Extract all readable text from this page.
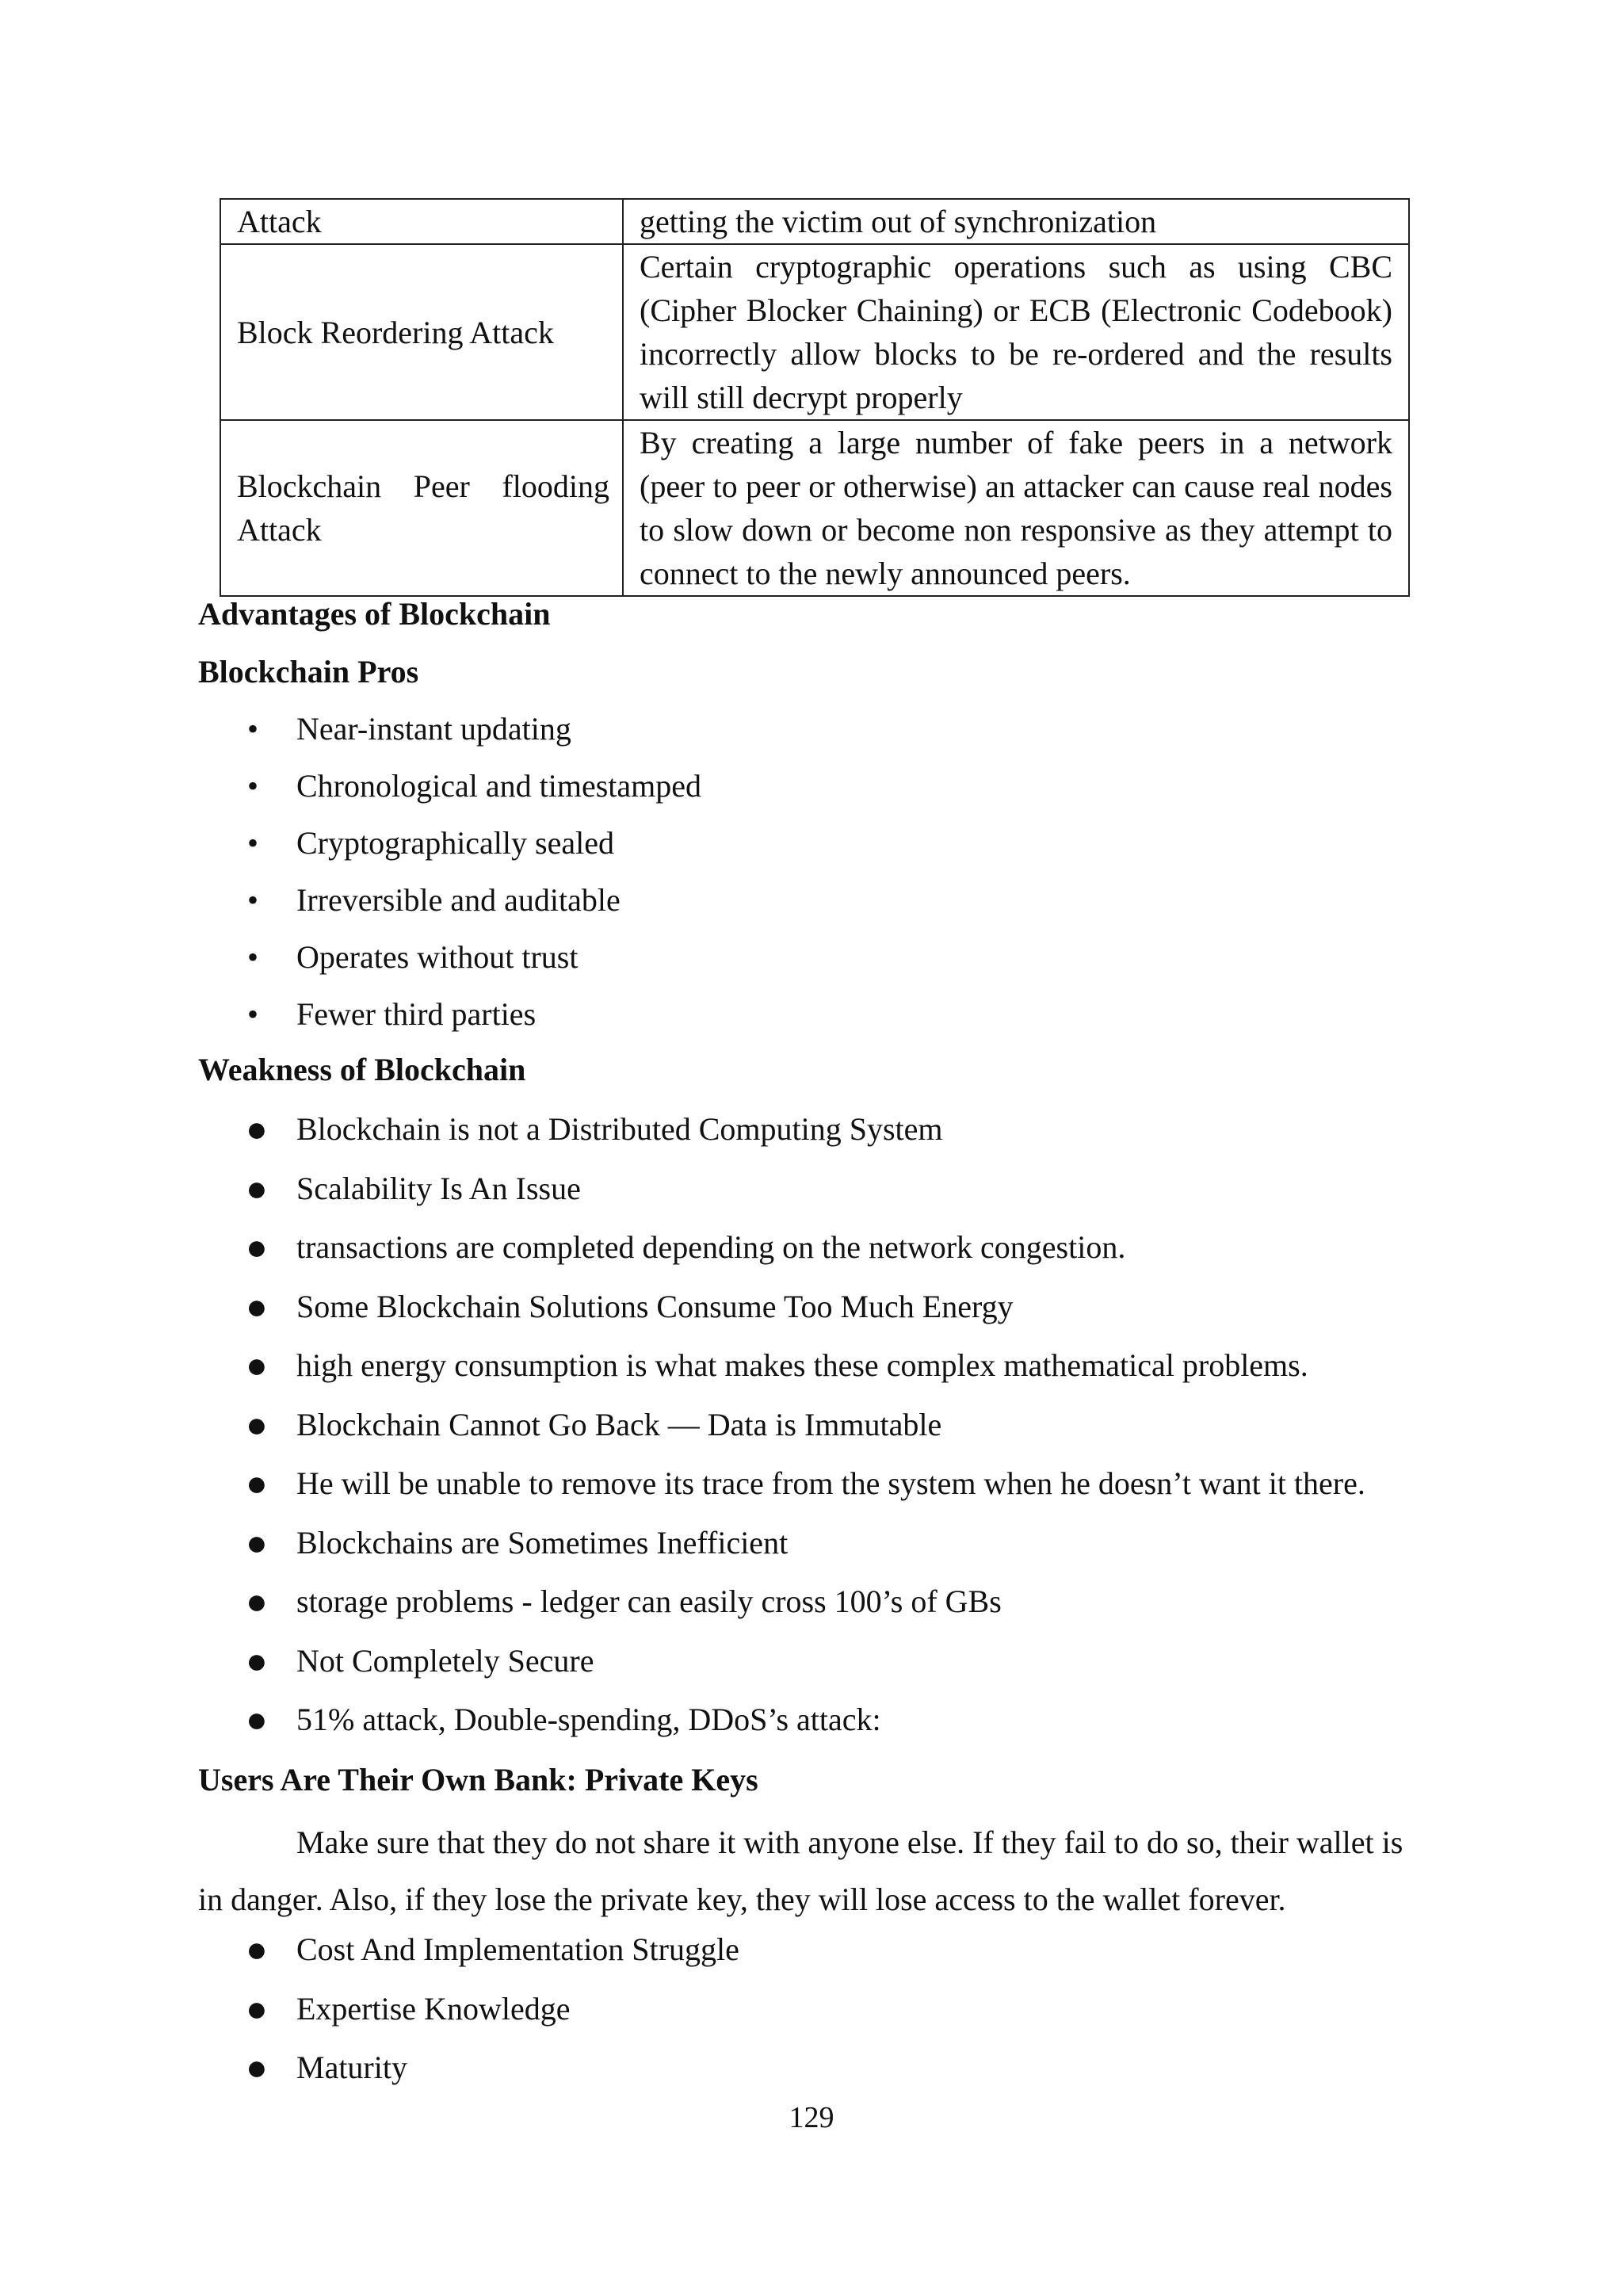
Attack	getting the victim out of synchronization
Block Reordering Attack	Certain cryptographic operations such as using CBC (Cipher Blocker Chaining) or ECB (Electronic Codebook) incorrectly allow blocks to be re-ordered and the results will still decrypt properly
Blockchain Peer flooding Attack	By creating a large number of fake peers in a network (peer to peer or otherwise) an attacker can cause real nodes to slow down or become non responsive as they attempt to connect to the newly announced peers.

Advantages of Blockchain

Blockchain Pros

• Near-instant updating
• Chronological and timestamped
• Cryptographically sealed
• Irreversible and auditable
• Operates without trust
• Fewer third parties

Weakness of Blockchain

● Blockchain is not a Distributed Computing System
● Scalability Is An Issue
● transactions are completed depending on the network congestion.
● Some Blockchain Solutions Consume Too Much Energy
● high energy consumption is what makes these complex mathematical problems.
● Blockchain Cannot Go Back — Data is Immutable
● He will be unable to remove its trace from the system when he doesn’t want it there.
● Blockchains are Sometimes Inefficient
● storage problems - ledger can easily cross 100’s of GBs
● Not Completely Secure
● 51% attack, Double-spending, DDoS’s attack:

Users Are Their Own Bank: Private Keys

Make sure that they do not share it with anyone else. If they fail to do so, their wallet is in danger. Also, if they lose the private key, they will lose access to the wallet forever.

● Cost And Implementation Struggle
● Expertise Knowledge
● Maturity
129
